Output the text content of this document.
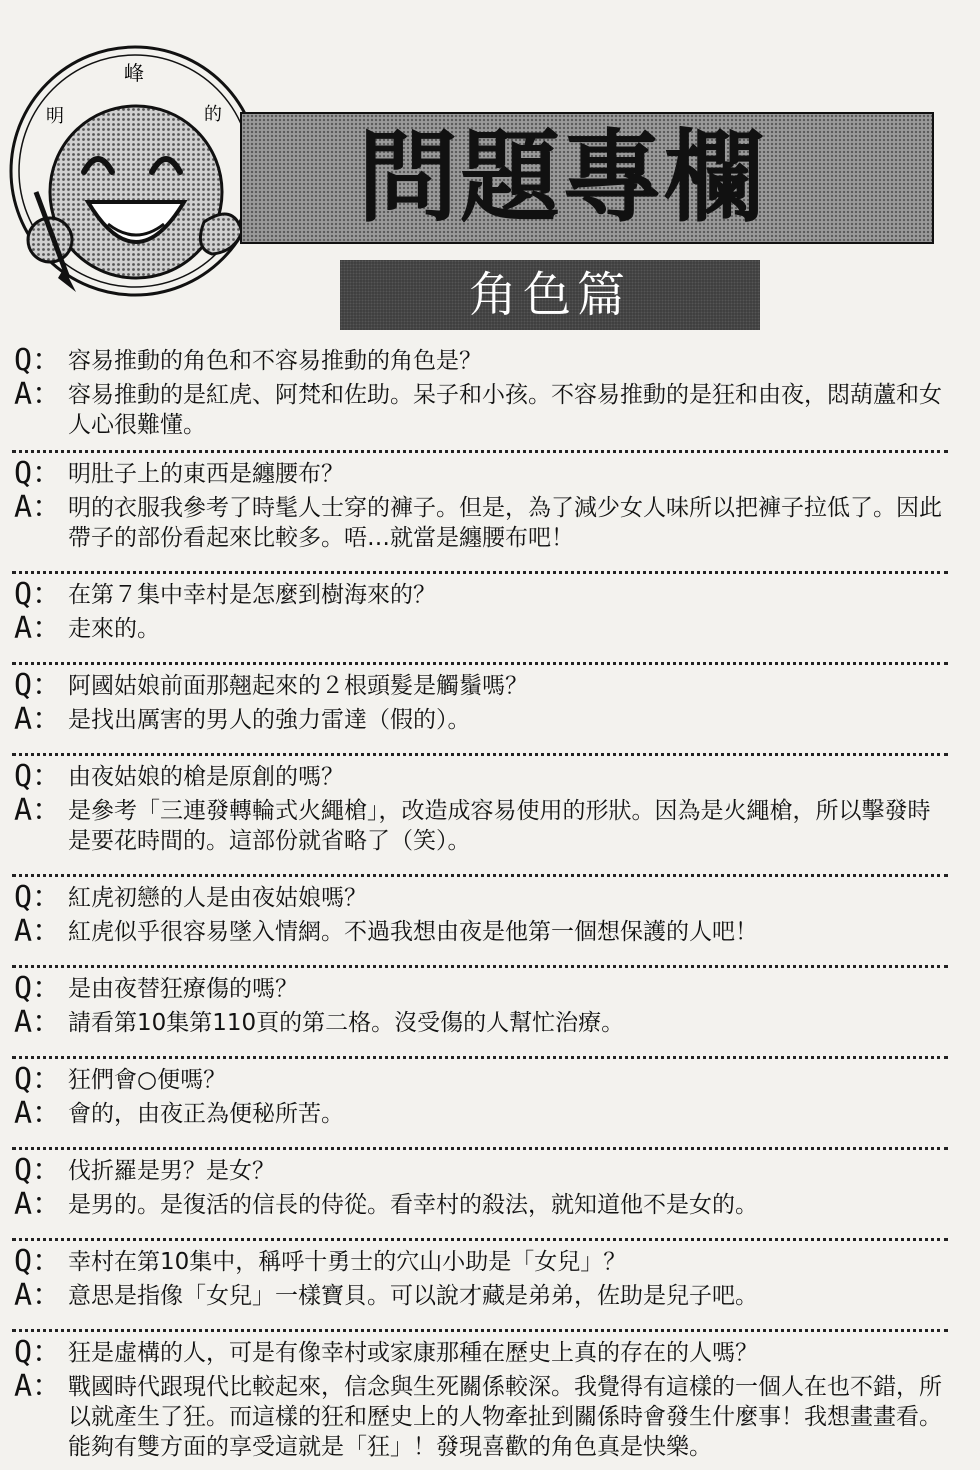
明
峰
的
問題專欄
角色篇
Q： 容易推動的角色和不容易推動的角色是？
A： 容易推動的是紅虎、阿梵和佐助。呆子和小孩。不容易推動的是狂和由夜，悶葫蘆和女人心很難懂。
Q： 明肚子上的東西是纏腰布？
A： 明的衣服我參考了時髦人士穿的褲子。但是，為了減少女人味所以把褲子拉低了。因此帶子的部份看起來比較多。唔…就當是纏腰布吧！
Q： 在第７集中幸村是怎麼到樹海來的？
A： 走來的。
Q： 阿國姑娘前面那翹起來的２根頭髮是觸鬚嗎？
A： 是找出厲害的男人的強力雷達（假的）。
Q： 由夜姑娘的槍是原創的嗎？
A： 是參考「三連發轉輪式火繩槍」，改造成容易使用的形狀。因為是火繩槍，所以擊發時是要花時間的。這部份就省略了（笑）。
Q： 紅虎初戀的人是由夜姑娘嗎？
A： 紅虎似乎很容易墜入情網。不過我想由夜是他第一個想保護的人吧！
Q： 是由夜替狂療傷的嗎？
A： 請看第10集第110頁的第二格。沒受傷的人幫忙治療。
Q： 狂們會○便嗎？
A： 會的，由夜正為便秘所苦。
Q： 伐折羅是男？是女？
A： 是男的。是復活的信長的侍從。看幸村的殺法，就知道他不是女的。
Q： 幸村在第10集中，稱呼十勇士的穴山小助是「女兒」？
A： 意思是指像「女兒」一樣寶貝。可以說才藏是弟弟，佐助是兒子吧。
Q： 狂是虛構的人，可是有像幸村或家康那種在歷史上真的存在的人嗎？
A： 戰國時代跟現代比較起來，信念與生死關係較深。我覺得有這樣的一個人在也不錯，所以就產生了狂。而這樣的狂和歷史上的人物牽扯到關係時會發生什麼事！我想畫畫看。能夠有雙方面的享受這就是「狂」！發現喜歡的角色真是快樂。
